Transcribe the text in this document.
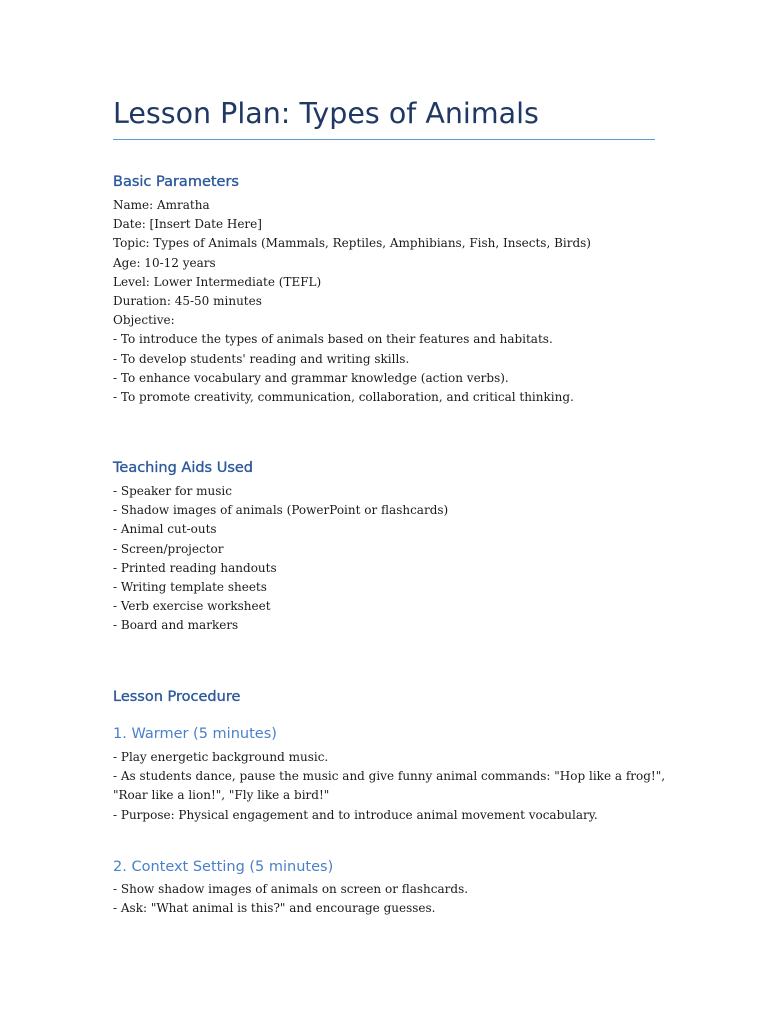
Lesson Plan: Types of Animals
Basic Parameters
Name: Amratha
Date: [Insert Date Here]
Topic: Types of Animals (Mammals, Reptiles, Amphibians, Fish, Insects, Birds)
Age: 10-12 years
Level: Lower Intermediate (TEFL)
Duration: 45-50 minutes
Objective:
- To introduce the types of animals based on their features and habitats.
- To develop students' reading and writing skills.
- To enhance vocabulary and grammar knowledge (action verbs).
- To promote creativity, communication, collaboration, and critical thinking.
Teaching Aids Used
- Speaker for music
- Shadow images of animals (PowerPoint or flashcards)
- Animal cut-outs
- Screen/projector
- Printed reading handouts
- Writing template sheets
- Verb exercise worksheet
- Board and markers
Lesson Procedure
1. Warmer (5 minutes)
- Play energetic background music.
- As students dance, pause the music and give funny animal commands: "Hop like a frog!",
"Roar like a lion!", "Fly like a bird!"
- Purpose: Physical engagement and to introduce animal movement vocabulary.
2. Context Setting (5 minutes)
- Show shadow images of animals on screen or flashcards.
- Ask: "What animal is this?" and encourage guesses.
